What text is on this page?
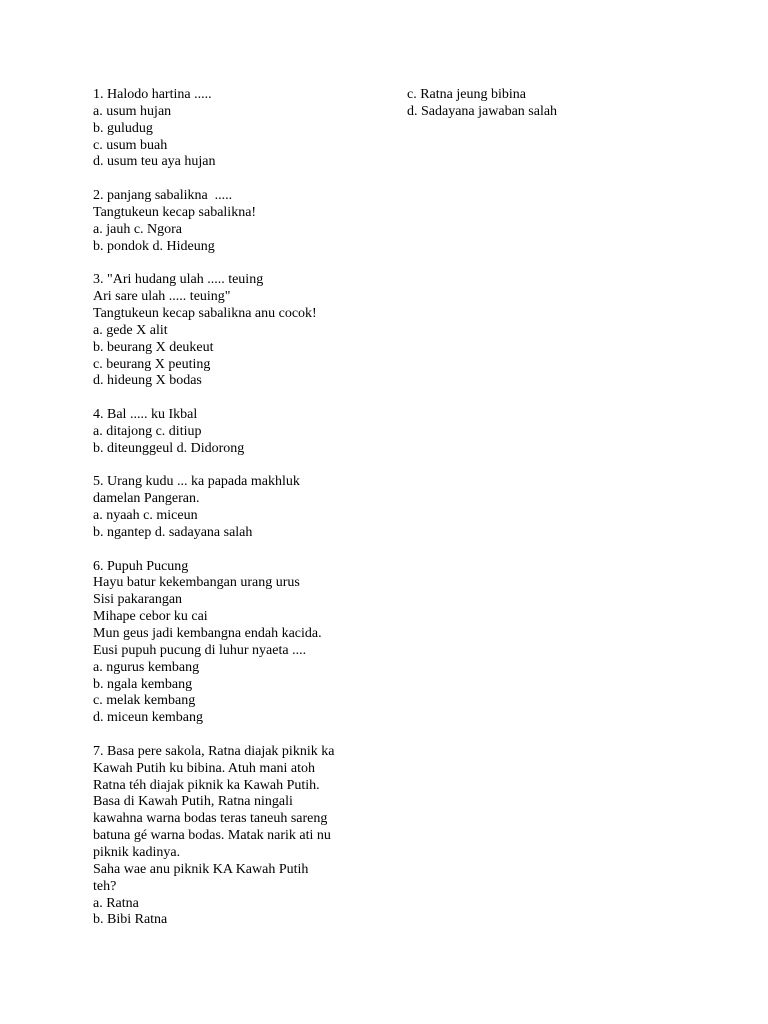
1. Halodo hartina .....
a. usum hujan
b. guludug
c. usum buah
d. usum teu aya hujan
2. panjang sabalikna  .....
Tangtukeun kecap sabalikna!
a. jauh c. Ngora
b. pondok d. Hideung
3. "Ari hudang ulah ..... teuing
Ari sare ulah ..... teuing"
Tangtukeun kecap sabalikna anu cocok!
a. gede X alit
b. beurang X deukeut
c. beurang X peuting
d. hideung X bodas
4. Bal ..... ku Ikbal
a. ditajong c. ditiup
b. diteunggeul d. Didorong
5. Urang kudu ... ka papada makhluk
damelan Pangeran.
a. nyaah c. miceun
b. ngantep d. sadayana salah
6. Pupuh Pucung
Hayu batur kekembangan urang urus
Sisi pakarangan
Mihape cebor ku cai
Mun geus jadi kembangna endah kacida.
Eusi pupuh pucung di luhur nyaeta ....
a. ngurus kembang
b. ngala kembang
c. melak kembang
d. miceun kembang
7. Basa pere sakola, Ratna diajak piknik ka
Kawah Putih ku bibina. Atuh mani atoh
Ratna téh diajak piknik ka Kawah Putih.
Basa di Kawah Putih, Ratna ningali
kawahna warna bodas teras taneuh sareng
batuna gé warna bodas. Matak narik ati nu
piknik kadinya.
Saha wae anu piknik KA Kawah Putih
teh?
a. Ratna
b. Bibi Ratna
c. Ratna jeung bibina
d. Sadayana jawaban salah
